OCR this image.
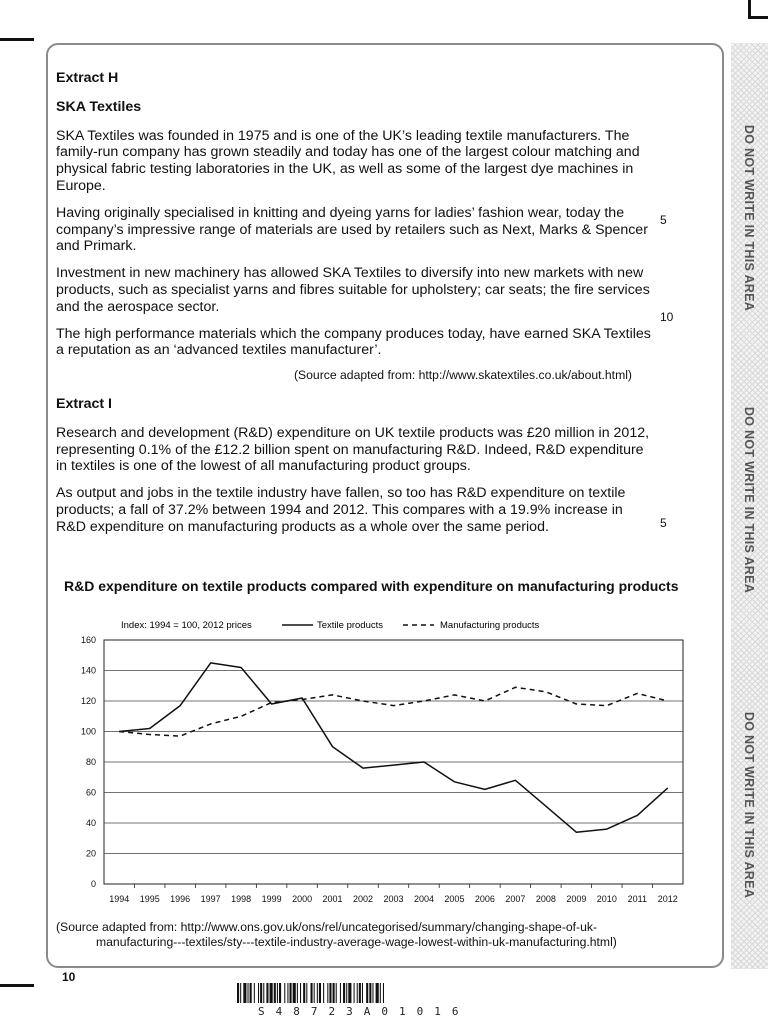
DO NOT WRITE IN THIS AREA
DO NOT WRITE IN THIS AREA
DO NOT WRITE IN THIS AREA
Extract H
SKA Textiles

SKA Textiles was founded in 1975 and is one of the UK’s leading textile manufacturers. The family-run company has grown steadily and today has one of the largest colour matching and physical fabric testing laboratories in the UK, as well as some of the largest dye machines in Europe.

Having originally specialised in knitting and dyeing yarns for ladies’ fashion wear, today the company’s impressive range of materials are used by retailers such as Next, Marks & Spencer and Primark.

Investment in new machinery has allowed SKA Textiles to diversify into new markets with new products, such as specialist yarns and fibres suitable for upholstery; car seats; the fire services and the aerospace sector.

The high performance materials which the company produces today, have earned SKA Textiles a reputation as an ‘advanced textiles manufacturer’.

(Source adapted from: http://www.skatextiles.co.uk/about.html)
Extract I

Research and development (R&D) expenditure on UK textile products was £20 million in 2012, representing 0.1% of the £12.2 billion spent on manufacturing R&D. Indeed, R&D expenditure in textiles is one of the lowest of all manufacturing product groups.

As output and jobs in the textile industry have fallen, so too has R&D expenditure on textile products; a fall of 37.2% between 1994 and 2012. This compares with a 19.9% increase in R&D expenditure on manufacturing products as a whole over the same period.

5
10
5
R&D expenditure on textile products compared with expenditure on manufacturing products
Index: 1994 = 100, 2012 prices	Textile products	Manufacturing products
0
20
40
60
80
100
120
140
160
1994 1995 1996 1997 1998 1999 2000 2001 2002 2003 2004 2005 2006 2007 2008 2009 2010 2011 2012
(Source adapted from: http://www.ons.gov.uk/ons/rel/uncategorised/summary/changing-shape-of-uk-
manufacturing---textiles/sty---textile-industry-average-wage-lowest-within-uk-manufacturing.html)
10
S48723A01016
